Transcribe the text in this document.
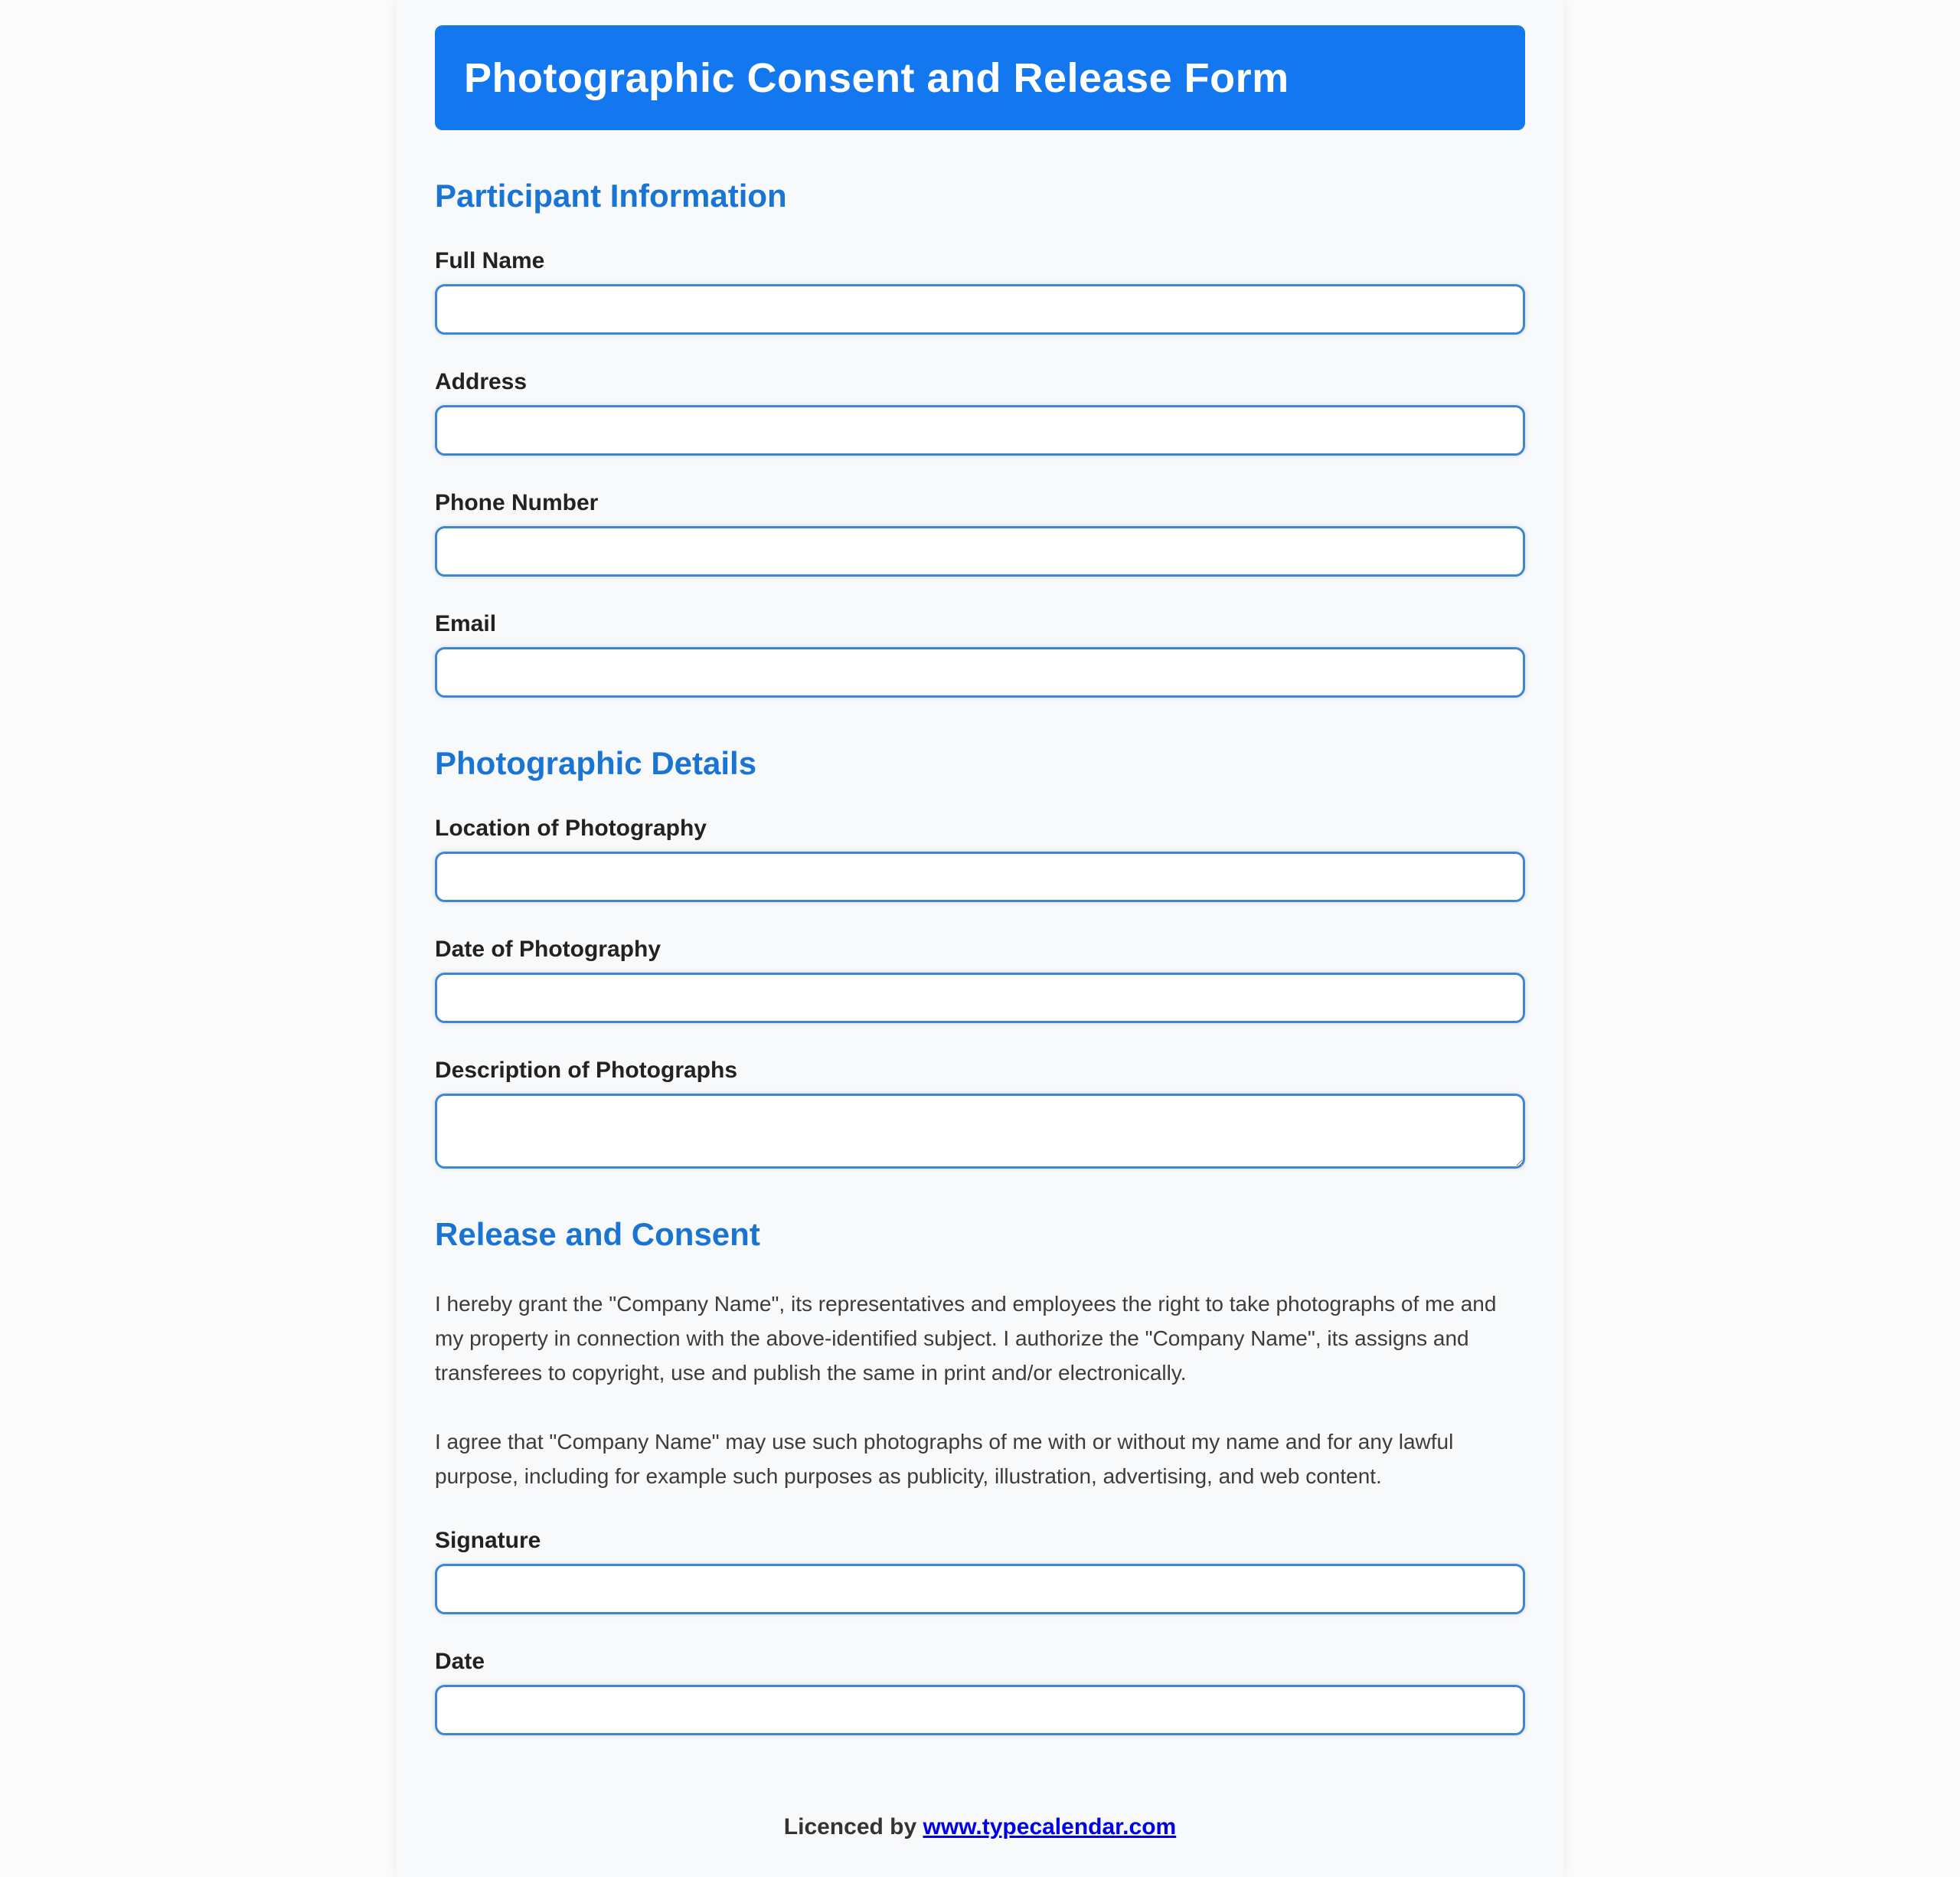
Photographic Consent and Release Form
Participant Information
Full Name
Address
Phone Number
Email
Photographic Details
Location of Photography
Date of Photography
Description of Photographs
Release and Consent

I hereby grant the "Company Name", its representatives and employees the right to take photographs of me and my property in connection with the above-identified subject. I authorize the "Company Name", its assigns and transferees to copyright, use and publish the same in print and/or electronically.

I agree that "Company Name" may use such photographs of me with or without my name and for any lawful purpose, including for example such purposes as publicity, illustration, advertising, and web content.

Signature
Date
Licenced by www.typecalendar.com
